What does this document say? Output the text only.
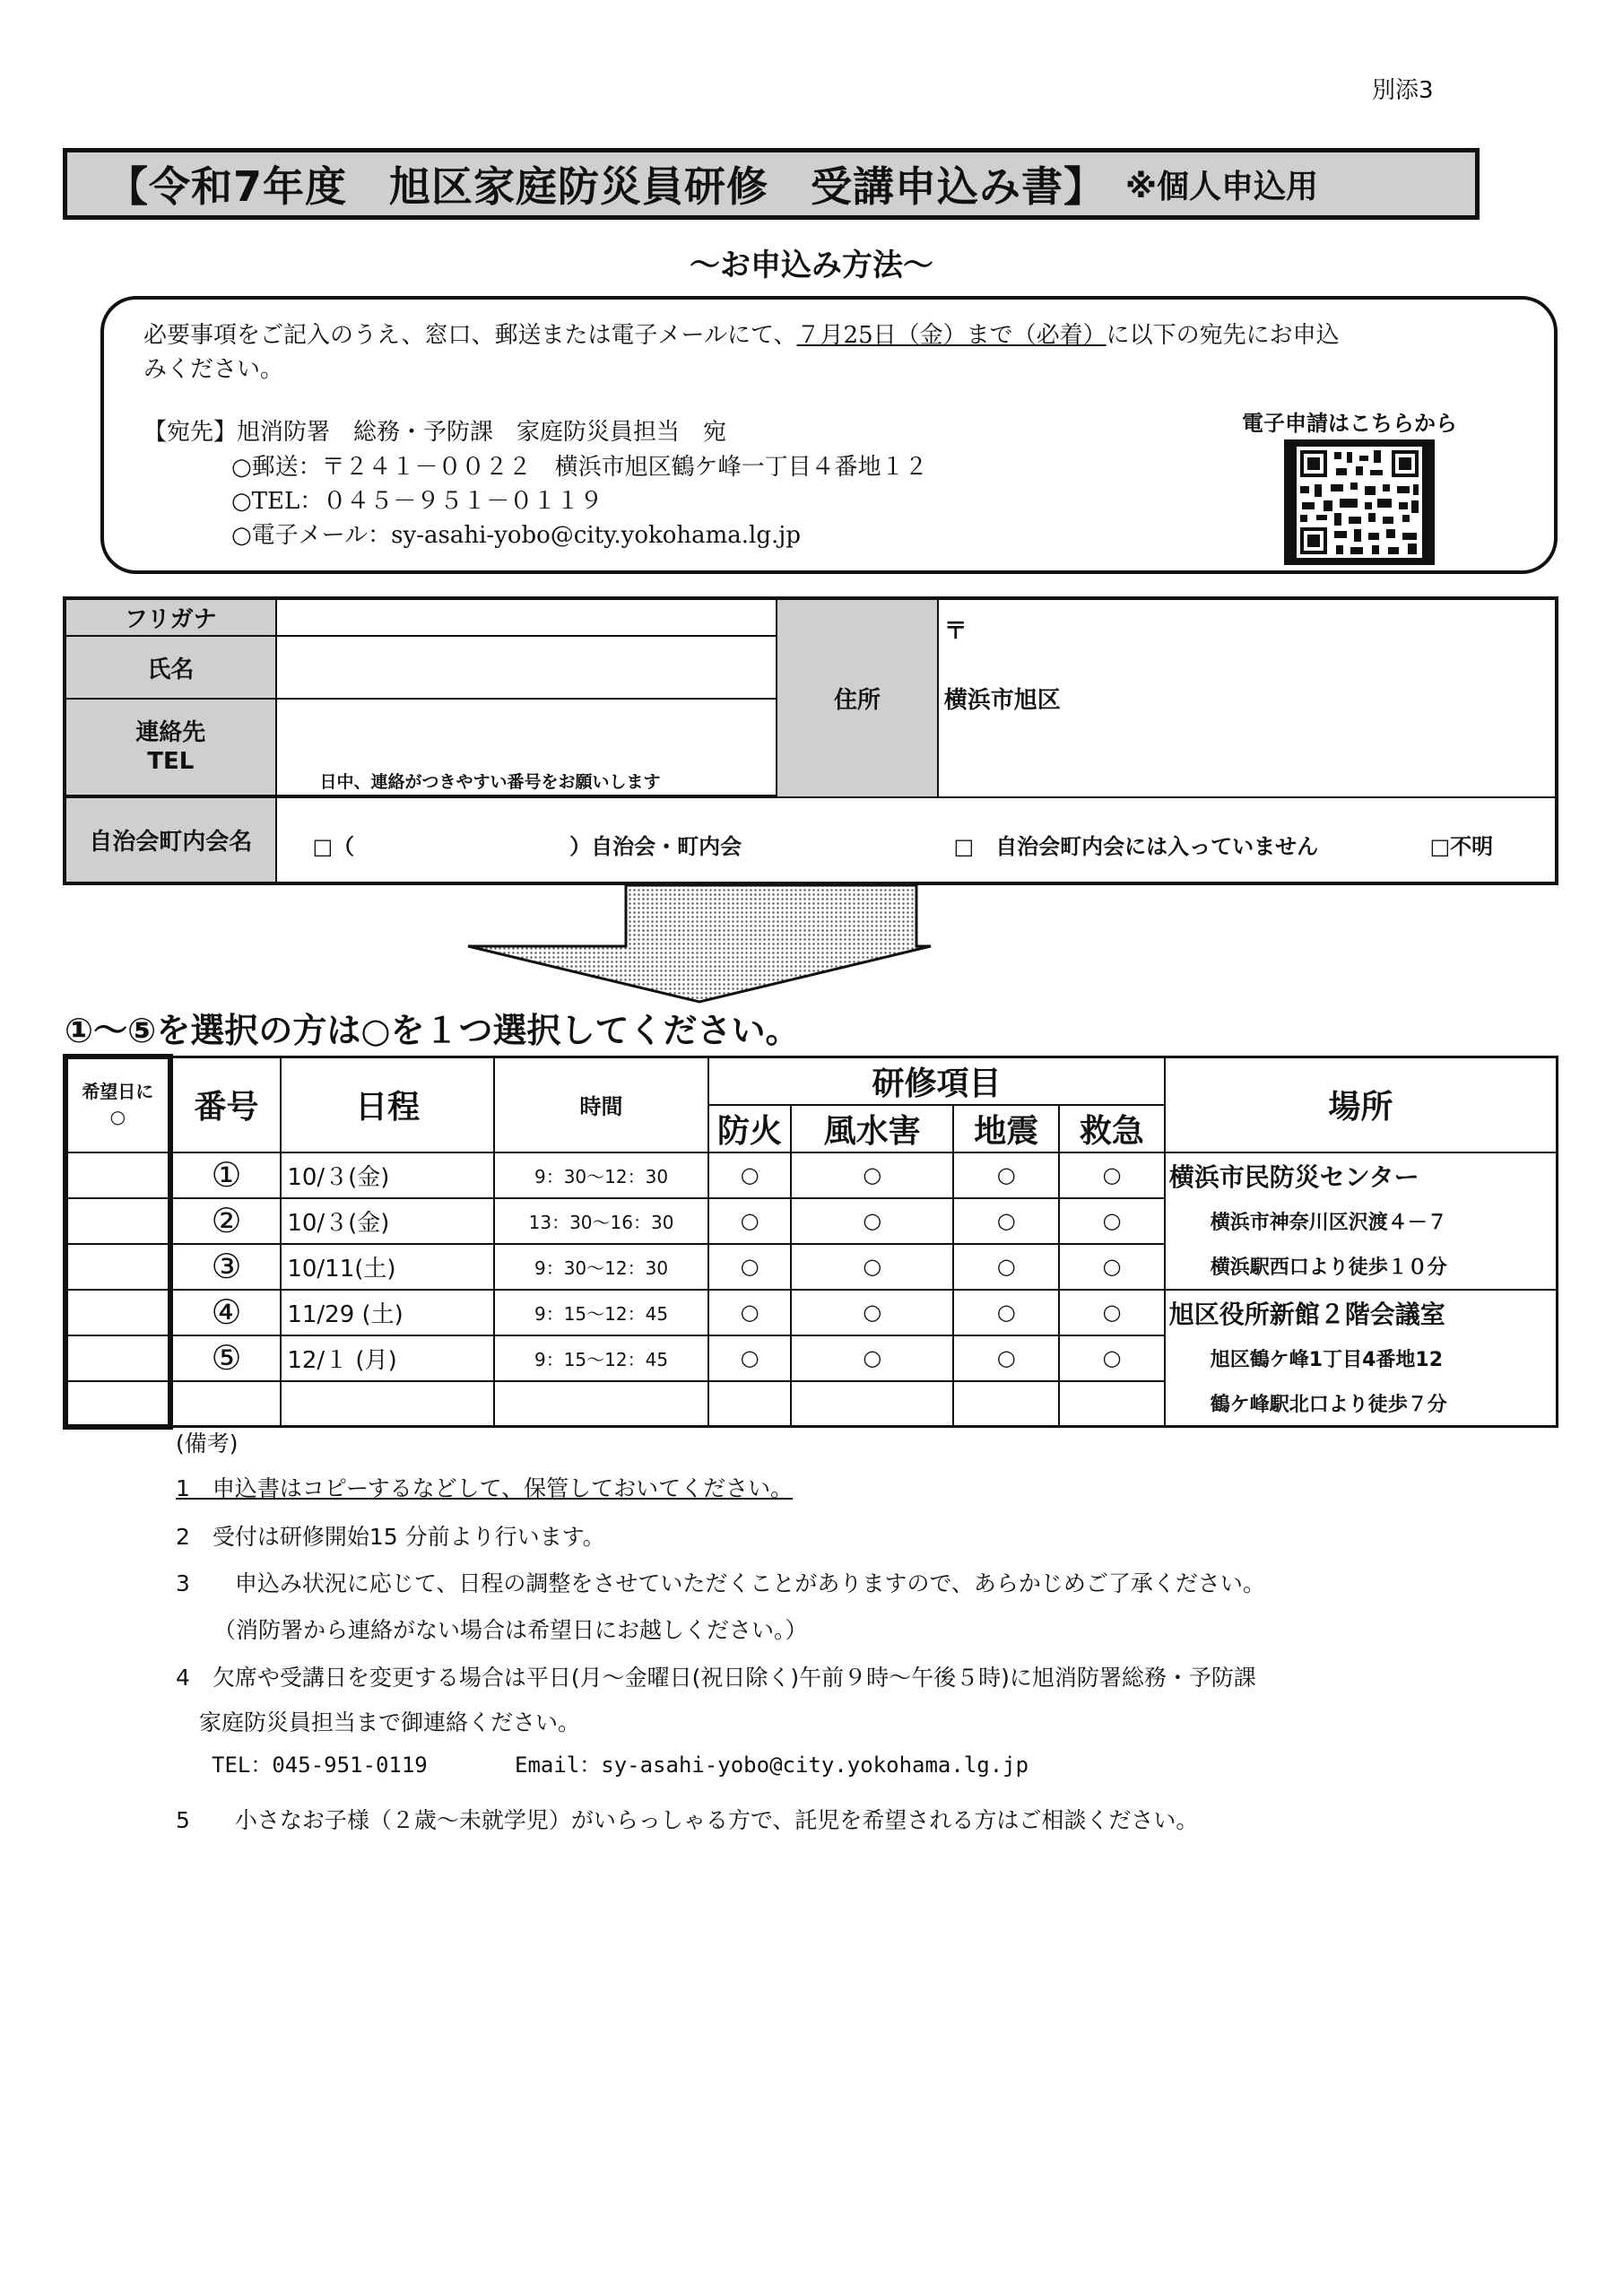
別添3
【令和7年度　旭区家庭防災員研修　受講申込み書】 ※個人申込用
～お申込み方法～
必要事項をご記入のうえ、窓口、郵送または電子メールにて、７月25日（金）まで（必着）に以下の宛先にお申込
みください。
【宛先】旭消防署　総務・予防課　家庭防災員担当　宛
○郵送：〒２４１－００２２　横浜市旭区鶴ケ峰一丁目４番地１２
○TEL：０４５－９５１－０１１９
○電子メール：sy-asahi-yobo@city.yokohama.lg.jp
電子申請はこちらから
フリガナ		住所	〒
横浜市旭区

氏名			
連絡先
TEL	日中、連絡がつきやすい番号をお願いします		

自治会町内会名	□（　　　　　　　　　　）自治会・町内会 □　自治会町内会には入っていません □不明		
①～⑤を選択の方は○を１つ選択してください。
希望日に
○	番号	日程	時間	研修項目				場所
				防火	風水害	地震	救急	
	①	10/３(金)	9：30～12：30	○	○	○	○	横浜市民防災センター
	②	10/３(金)	13：30～16：30	○	○	○	○	横浜市神奈川区沢渡４－７
	③	10/11(土)	9：30～12：30	○	○	○	○	横浜駅西口より徒歩１０分
	④	11/29 (土)	9：15～12：45	○	○	○	○	旭区役所新館２階会議室
	⑤	12/１ (月)	9：15～12：45	○	○	○	○	旭区鶴ケ峰1丁目4番地12
								鶴ケ峰駅北口より徒歩７分
(備考)
1　申込書はコピーするなどして、保管しておいてください。
2　受付は研修開始15 分前より行います。
3　　申込み状況に応じて、日程の調整をさせていただくことがありますので、あらかじめご了承ください。
（消防署から連絡がない場合は希望日にお越しください。）
4　欠席や受講日を変更する場合は平日(月～金曜日(祝日除く)午前９時～午後５時)に旭消防署総務・予防課
家庭防災員担当まで御連絡ください。
TEL：045-951-0119	Email：sy-asahi-yobo@city.yokohama.lg.jp
5　　小さなお子様（２歳～未就学児）がいらっしゃる方で、託児を希望される方はご相談ください。
